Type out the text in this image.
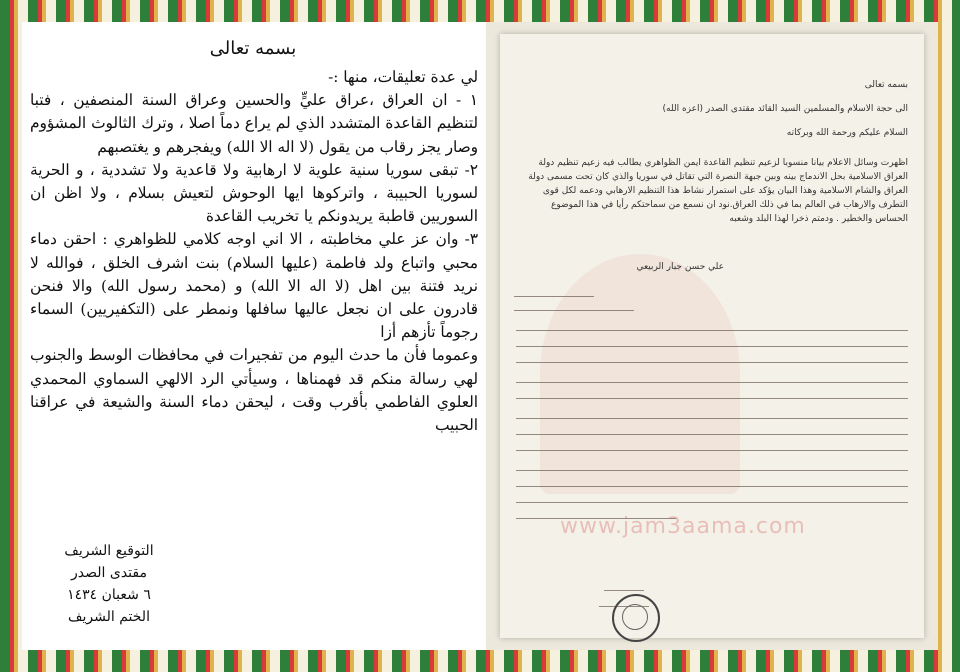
بسمه تعالى

لي عدة تعليقات، منها :-

١ - ان العراق ،عراق عليٍّ والحسين وعراق السنة المنصفين ، فتبا لتنظيم القاعدة المتشدد الذي لم يراع دماً اصلا ، وترك الثالوث المشؤوم وصار يجز رقاب من يقول (لا اله الا الله) ويفجرهم و يغتصبهم

٢- تبقى سوريا سنية علوية لا ارهابية ولا قاعدية ولا تشددية ، و الحرية لسوريا الحبيبة ، واتركوها ايها الوحوش لتعيش بسلام ، ولا اظن ان السوريين قاطبة يريدونكم يا تخريب القاعدة

٣- وان عز علي مخاطبته ، الا اني اوجه كلامي للظواهري : احقن دماء محبي واتباع ولد فاطمة (عليها السلام) بنت اشرف الخلق ، فوالله لا نريد فتنة بين اهل (لا اله الا الله) و (محمد رسول الله) والا فنحن قادرون على ان نجعل عاليها سافلها ونمطر على (التكفيريين) السماء رجوماً تأزهم أزا

وعموما فأن ما حدث اليوم من تفجيرات في محافظات الوسط والجنوب لهي رسالة منكم قد فهمناها ، وسيأتي الرد الالهي السماوي المحمدي العلوي الفاطمي بأقرب وقت ، ليحقن دماء السنة والشيعة في عراقنا الحبيب

التوقيع الشريف
مقتدى الصدر
٦ شعبان ١٤٣٤
الختم الشريف
بسمه تعالى
الى حجة الاسلام والمسلمين السيد القائد مقتدى الصدر (اعزه الله)
السلام عليكم ورحمة الله وبركاته
اظهرت وسائل الاعلام بيانا منسوبا لزعيم تنظيم القاعدة ايمن الظواهري يطالب فيه زعيم تنظيم دولة العراق الاسلامية بحل الاندماج بينه وبين جبهة النصرة التي تقاتل في سوريا والذي كان تحت مسمى دولة العراق والشام الاسلامية وهذا البيان يؤكد على استمرار نشاط هذا التنظيم الارهابي ودعمه لكل قوى التطرف والارهاب في العالم بما في ذلك العراق.نود ان نسمع من سماحتكم رأيا في هذا الموضوع الحساس والخطير . ودمتم ذخرا لهذا البلد وشعبه
علي حسن جبار الربيعي
www.jam3aama.com
